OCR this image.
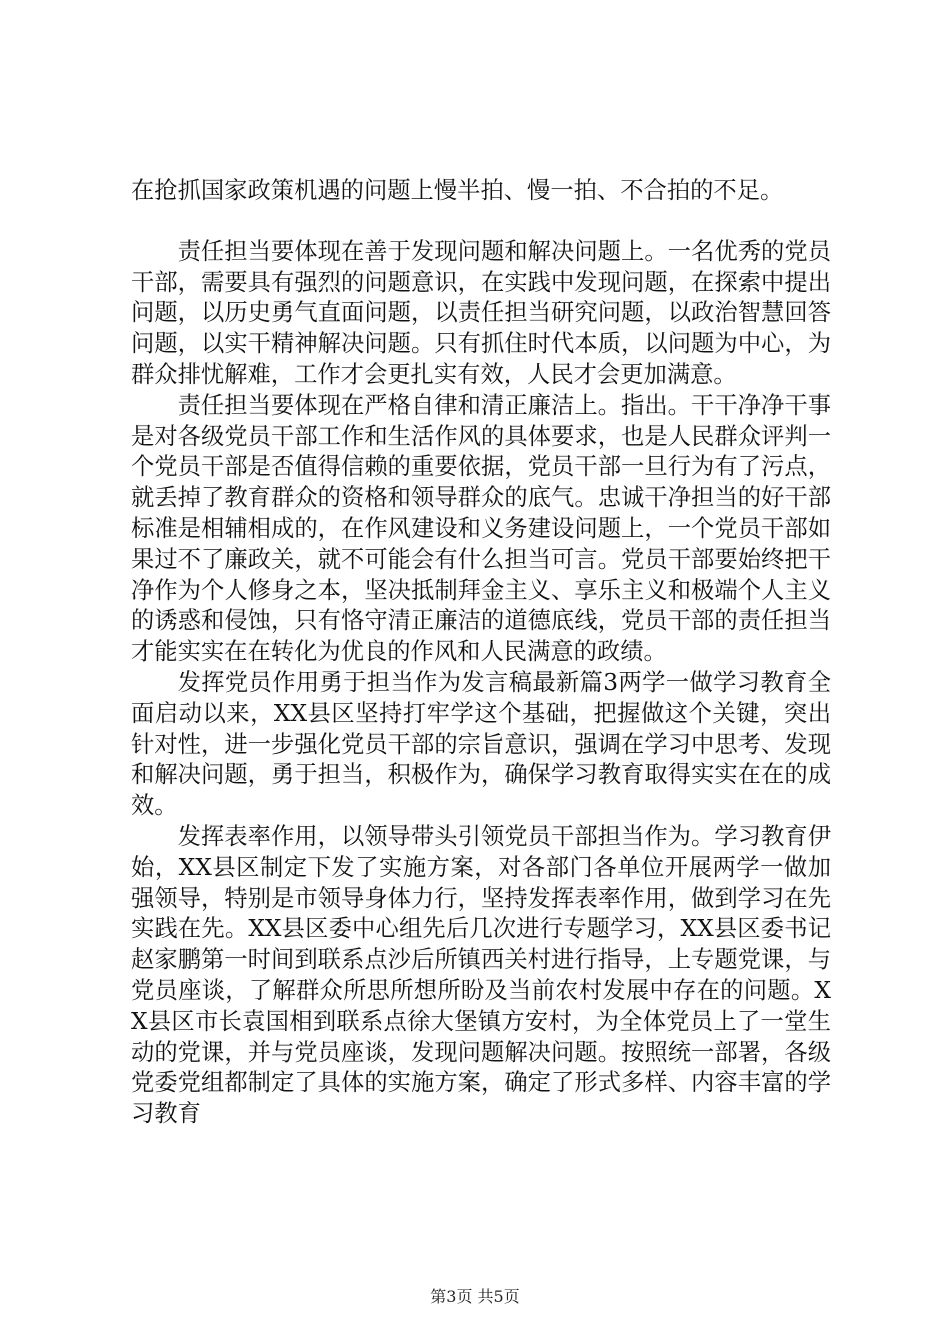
在抢抓国家政策机遇的问题上慢半拍、慢一拍、不合拍的不足。

责任担当要体现在善于发现问题和解决问题上。一名优秀的党员干部，需要具有强烈的问题意识，在实践中发现问题，在探索中提出问题，以历史勇气直面问题，以责任担当研究问题，以政治智慧回答问题，以实干精神解决问题。只有抓住时代本质，以问题为中心，为群众排忧解难，工作才会更扎实有效，人民才会更加满意。

责任担当要体现在严格自律和清正廉洁上。指出。干干净净干事是对各级党员干部工作和生活作风的具体要求，也是人民群众评判一个党员干部是否值得信赖的重要依据，党员干部一旦行为有了污点，就丢掉了教育群众的资格和领导群众的底气。忠诚干净担当的好干部标准是相辅相成的，在作风建设和义务建设问题上，一个党员干部如果过不了廉政关，就不可能会有什么担当可言。党员干部要始终把干净作为个人修身之本，坚决抵制拜金主义、享乐主义和极端个人主义的诱惑和侵蚀，只有恪守清正廉洁的道德底线，党员干部的责任担当才能实实在在转化为优良的作风和人民满意的政绩。

发挥党员作用勇于担当作为发言稿最新篇3两学一做学习教育全面启动以来，XX县区坚持打牢学这个基础，把握做这个关键，突出针对性，进一步强化党员干部的宗旨意识，强调在学习中思考、发现和解决问题，勇于担当，积极作为，确保学习教育取得实实在在的成效。

发挥表率作用，以领导带头引领党员干部担当作为。学习教育伊始，XX县区制定下发了实施方案，对各部门各单位开展两学一做加强领导，特别是市领导身体力行，坚持发挥表率作用，做到学习在先实践在先。XX县区委中心组先后几次进行专题学习，XX县区委书记赵家鹏第一时间到联系点沙后所镇西关村进行指导，上专题党课，与党员座谈，了解群众所思所想所盼及当前农村发展中存在的问题。XX县区市长袁国相到联系点徐大堡镇方安村，为全体党员上了一堂生动的党课，并与党员座谈，发现问题解决问题。按照统一部署，各级党委党组都制定了具体的实施方案，确定了形式多样、内容丰富的学习教育

第3页 共5页
